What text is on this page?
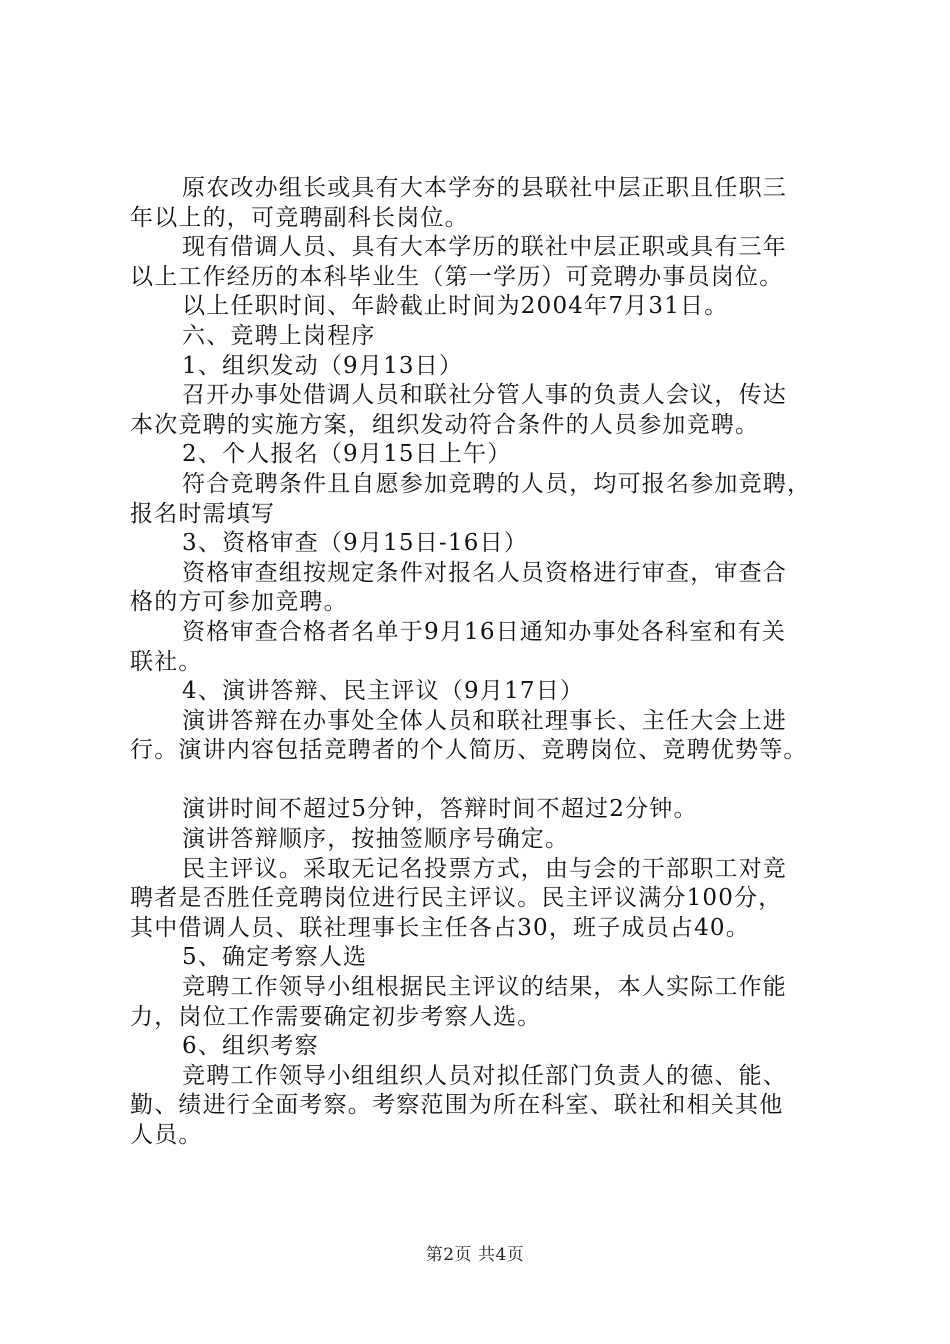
原农改办组长或具有大本学夯的县联社中层正职且任职三
年以上的，可竞聘副科长岗位。
现有借调人员、具有大本学历的联社中层正职或具有三年
以上工作经历的本科毕业生（第一学历）可竞聘办事员岗位。
以上任职时间、年龄截止时间为2004年7月31日。
六、竞聘上岗程序
1、组织发动（9月13日）
召开办事处借调人员和联社分管人事的负责人会议，传达
本次竞聘的实施方案，组织发动符合条件的人员参加竞聘。
2、个人报名（9月15日上午）
符合竞聘条件且自愿参加竞聘的人员，均可报名参加竞聘，
报名时需填写
3、资格审查（9月15日-16日）
资格审查组按规定条件对报名人员资格进行审查，审查合
格的方可参加竞聘。
资格审查合格者名单于9月16日通知办事处各科室和有关
联社。
4、演讲答辩、民主评议（9月17日）
演讲答辩在办事处全体人员和联社理事长、主任大会上进
行。演讲内容包括竞聘者的个人简历、竞聘岗位、竞聘优势等。
演讲时间不超过5分钟，答辩时间不超过2分钟。
演讲答辩顺序，按抽签顺序号确定。
民主评议。采取无记名投票方式，由与会的干部职工对竞
聘者是否胜任竞聘岗位进行民主评议。民主评议满分100分，
其中借调人员、联社理事长主任各占30，班子成员占40。
5、确定考察人选
竞聘工作领导小组根据民主评议的结果，本人实际工作能
力，岗位工作需要确定初步考察人选。
6、组织考察
竞聘工作领导小组组织人员对拟任部门负责人的德、能、
勤、绩进行全面考察。考察范围为所在科室、联社和相关其他
人员。
第2页 共4页
